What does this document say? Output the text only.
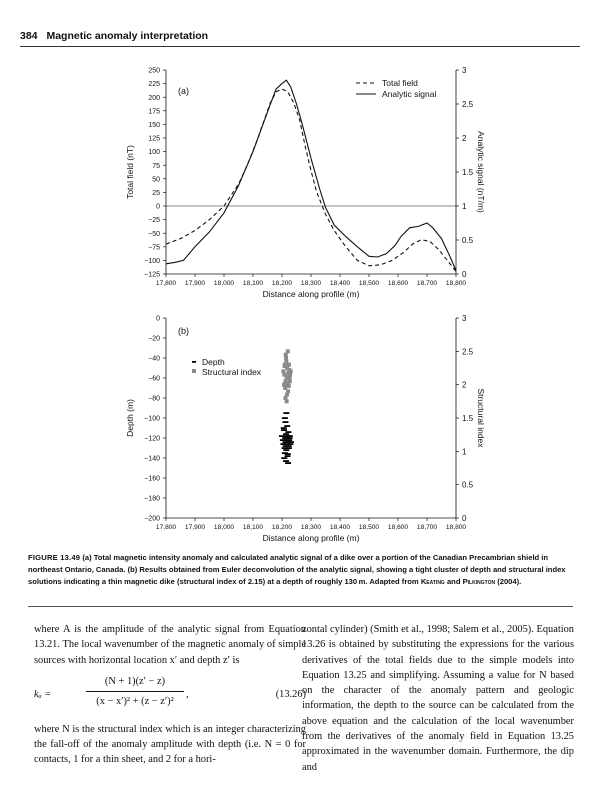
384 Magnetic anomaly interpretation
250
225
200
175
150
125
100
75
50
25
0
−25
−50
−75
−100
−125
3
2.5
2
1.5
1
0.5
0
17,800 17,900 18,000 18,100 18,200 18,300 18,400 18,500 18,600 18,700 18,800
Distance along profile (m)
Total field (nT)	Analytic signal (nT/m)
(a)
Total field
Analytic signal
0
−20
−40
−60
−80
−100
−120
−140
−160
−180
−200
3
2.5
2
1.5
1
0.5
0
17,800 17,900 18,000 18,100 18,200 18,300 18,400 18,500 18,600 18,700 18,800
Distance along profile (m)
Depth (m)	Structural index
(b)
Depth
Structural index
FIGURE 13.49 (a) Total magnetic intensity anomaly and calculated analytic signal of a dike over a portion of the Canadian Precambrian shield in northeast Ontario, Canada. (b) Results obtained from Euler deconvolution of the analytic signal, showing a tight cluster of depth and structural index solutions indicating a thin magnetic dike (structural index of 2.15) at a depth of roughly 130 m. Adapted from Keating and Pilkington (2004).
where A is the amplitude of the analytic signal from Equation 13.21. The local wavenumber of the magnetic anomaly of simple sources with horizontal location x′ and depth z′ is
kₐ =	$\frac{(N + 1)(z' - z)}{\text{(x − x′)² + (z − z′)²}}$ ,	(13.26)
where N is the structural index which is an integer characterizing the fall-off of the anomaly amplitude with depth (i.e. N = 0 for contacts, 1 for a thin sheet, and 2 for a hori-
zontal cylinder) (Smith et al., 1998; Salem et al., 2005). Equation 13.26 is obtained by substituting the expressions for the various derivatives of the total fields due to the simple models into Equation 13.25 and simplifying. Assuming a value for N based on the character of the anomaly pattern and geologic information, the depth to the source can be calculated from the above equation and the calculation of the local wavenumber from the derivatives of the anomaly field in Equation 13.25 approximated in the wavenumber domain. Furthermore, the dip and
